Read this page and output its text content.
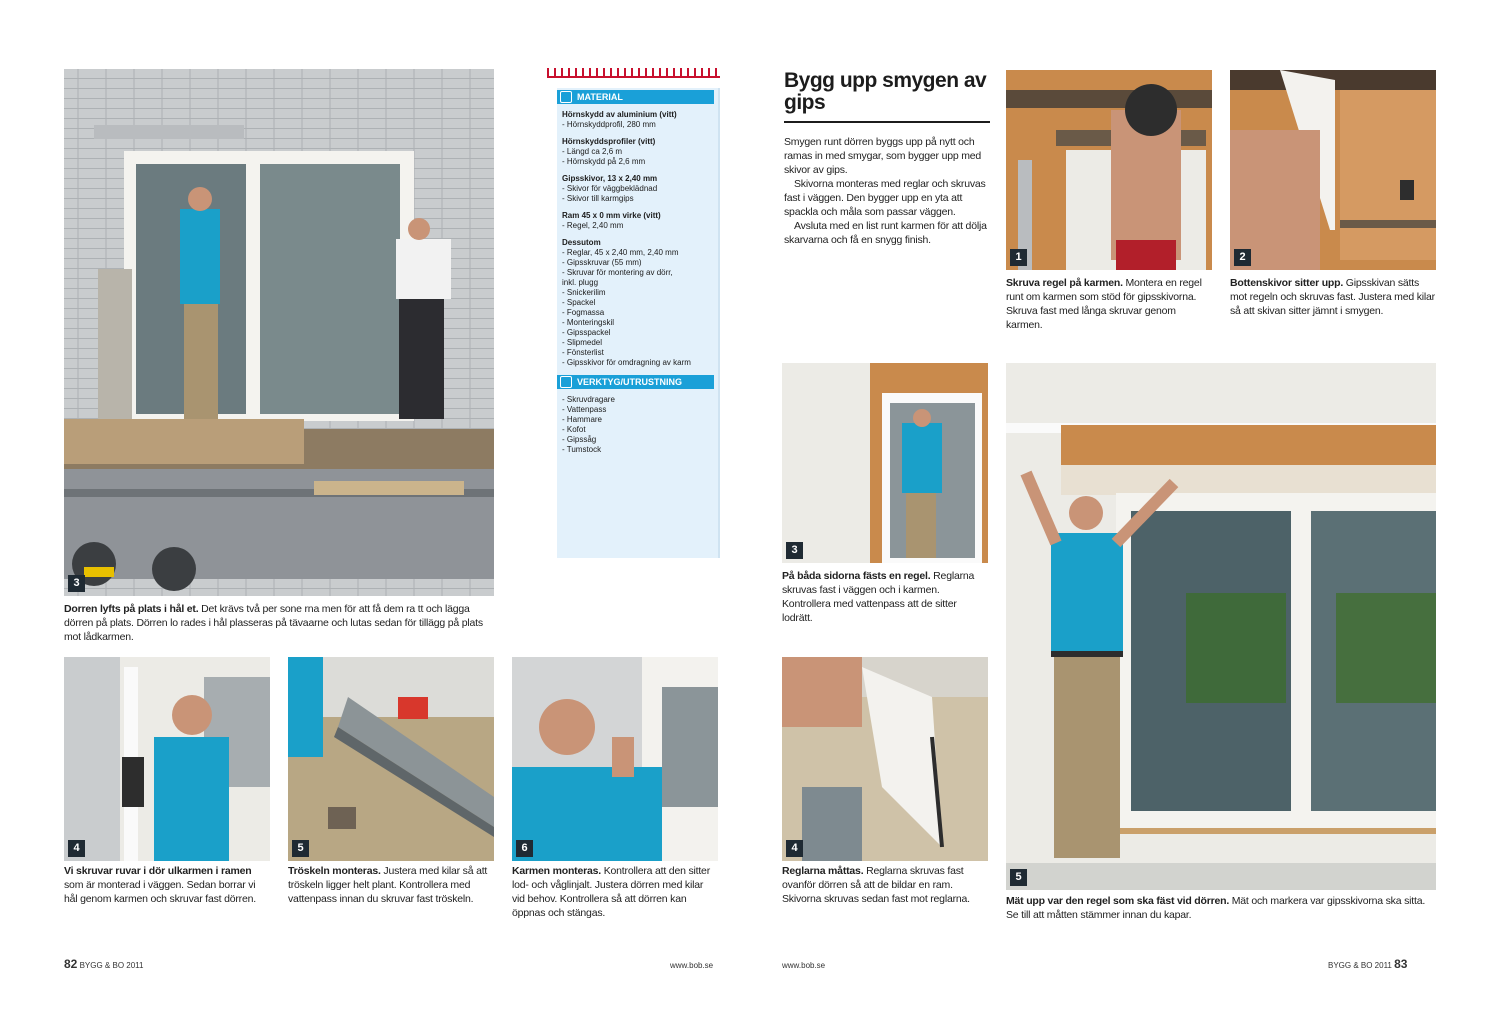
3
Dorren lyfts på plats i hål et. Det krävs två per sone rna men för att få dem ra tt och lägga dörren på plats. Dörren lo rades i hål plasseras på tävaarne och lutas sedan för tillägg på plats mot lådkarmen.
MATERIAL
Hörnskydd av aluminium (vitt)
- Hörnskyddprofil, 280 mm
Hörnskyddsprofiler (vitt)
- Längd ca 2,6 m
- Hörnskydd på 2,6 mm
Gipsskivor, 13 x 2,40 mm
- Skivor för väggbeklädnad
- Skivor till karmgips
Ram 45 x 0 mm virke (vitt)
- Regel, 2,40 mm
Dessutom
- Reglar, 45 x 2,40 mm, 2,40 mm
- Gipsskruvar (55 mm)
- Skruvar för montering av dörr,
inkl. plugg
- Snickerilim
- Spackel
- Fogmassa
- Monteringskil
- Gipsspackel
- Slipmedel
- Fönsterlist
- Gipsskivor för omdragning av karm
VERKTYG/UTRUSTNING
- Skruvdragare
- Vattenpass
- Hammare
- Kofot
- Gipssåg
- Tumstock
4
Vi skruvar ruvar i dör ulkarmen i ramen som är monterad i väggen. Sedan borrar vi hål genom karmen och skruvar fast dörren.
5
Tröskeln monteras. Justera med kilar så att tröskeln ligger helt plant. Kontrollera med vattenpass innan du skruvar fast tröskeln.
6
Karmen monteras. Kontrollera att den sitter lod- och våglinjalt. Justera dörren med kilar vid behov. Kontrollera så att dörren kan öppnas och stängas.
82 BYGG & BO 2011	www.bob.se
Bygg upp smygen av gips

Smygen runt dörren byggs upp på nytt och ramas in med smygar, som bygger upp med skivor av gips.

Skivorna monteras med reglar och skruvas fast i väggen. Den bygger upp en yta att spackla och måla som passar väggen.

Avsluta med en list runt karmen för att dölja skarvarna och få en snygg finish.

1
Skruva regel på karmen. Montera en regel runt om karmen som stöd för gipsskivorna. Skruva fast med långa skruvar genom karmen.
2
Bottenskivor sitter upp. Gipsskivan sätts mot regeln och skruvas fast. Justera med kilar så att skivan sitter jämnt i smygen.
3
På båda sidorna fästs en regel. Reglarna skruvas fast i väggen och i karmen. Kontrollera med vattenpass att de sitter lodrätt.
4
Reglarna måttas. Reglarna skruvas fast ovanför dörren så att de bildar en ram. Skivorna skruvas sedan fast mot reglarna.
5
Mät upp var den regel som ska fäst vid dörren. Mät och markera var gipsskivorna ska sitta. Se till att måtten stämmer innan du kapar.
www.bob.se	BYGG & BO 2011 83
